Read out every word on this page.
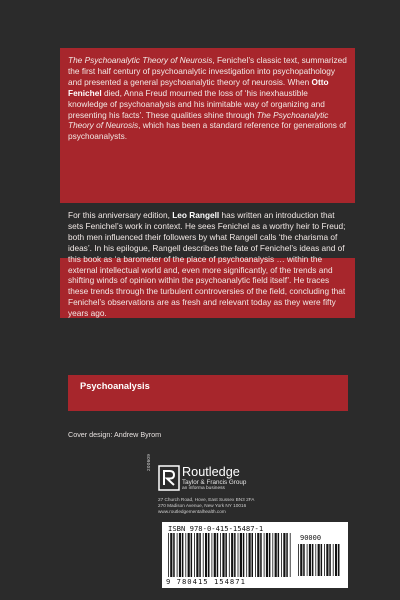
The Psychoanalytic Theory of Neurosis, Fenichel’s classic text, summarized the first half century of psychoanalytic investigation into psychopathology and presented a general psychoanalytic theory of neurosis. When Otto Fenichel died, Anna Freud mourned the loss of ‘his inexhaustible knowledge of psychoanalysis and his inimitable way of organizing and presenting his facts’. These qualities shine through The Psychoanalytic Theory of Neurosis, which has been a standard reference for generations of psychoanalysts.
For this anniversary edition, Leo Rangell has written an introduction that sets Fenichel’s work in context. He sees Fenichel as a worthy heir to Freud; both men influenced their followers by what Rangell calls ‘the charisma of ideas’. In his epilogue, Rangell describes the fate of Fenichel’s ideas and of this book as ‘a barometer of the place of psychoanalysis … within the external intellectual world and, even more significantly, of the trends and shifting winds of opinion within the psychoanalytic field itself’. He traces these trends through the turbulent controversies of the field, concluding that Fenichel’s observations are as fresh and relevant today as they were fifty years ago.
Psychoanalysis
Cover design: Andrew Byrom
200609
Routledge
Taylor & Francis Group
an informa business
27 Church Road, Hove, East Sussex BN3 2FA
270 Madison Avenue, New York NY 10016
www.routledgementalhealth.com
ISBN 978-0-415-15487-1
90000
9 780415 154871
